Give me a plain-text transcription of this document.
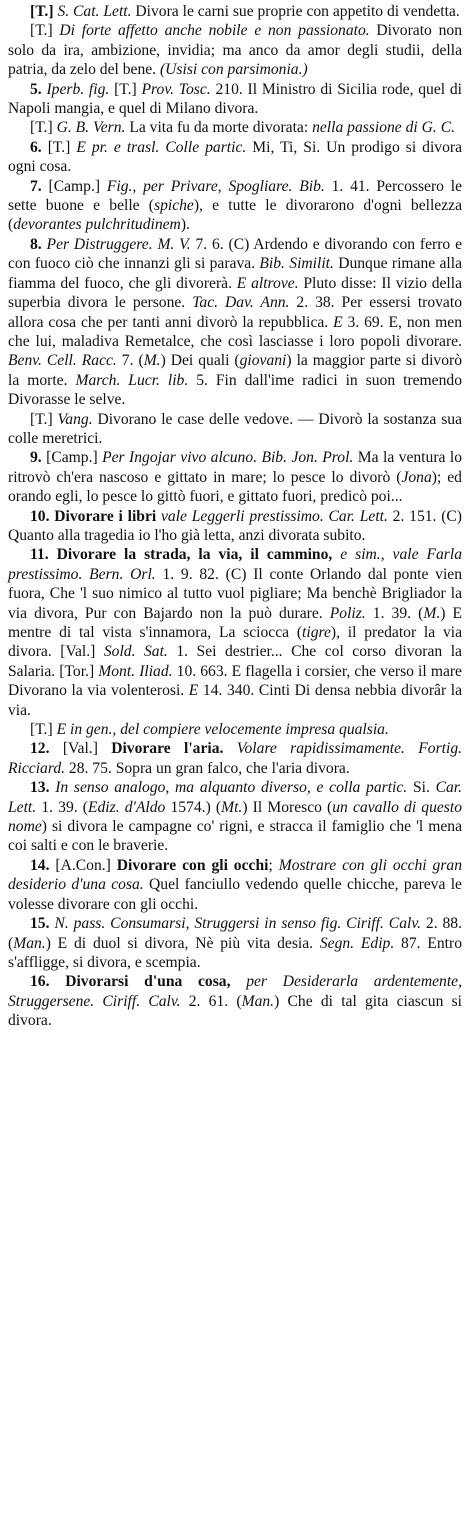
[T.] S. Cat. Lett. Divora le carni sue proprie con appetito di vendetta.

[T.] Di forte affetto anche nobile e non passionato. Divorato non solo da ira, ambizione, invidia; ma anco da amor degli studii, della patria, da zelo del bene. (Usisi con parsimonia.)

5. Iperb. fig. [T.] Prov. Tosc. 210. Il Ministro di Sicilia rode, quel di Napoli mangia, e quel di Milano divora.

[T.] G. B. Vern. La vita fu da morte divorata: nella passione di G. C.

6. [T.] E pr. e trasl. Colle partic. Mi, Ti, Si. Un prodigo si divora ogni cosa.

7. [Camp.] Fig., per Privare, Spogliare. Bib. 1. 41. Percossero le sette buone e belle (spiche), e tutte le divorarono d'ogni bellezza (devorantes pulchritudinem).

8. Per Distruggere. M. V. 7. 6. (C) Ardendo e divorando con ferro e con fuoco ciò che innanzi gli si parava. Bib. Similit. Dunque rimane alla fiamma del fuoco, che gli divorerà. E altrove. Pluto disse: Il vizio della superbia divora le persone. Tac. Dav. Ann. 2. 38. Per essersi trovato allora cosa che per tanti anni divorò la repubblica. E 3. 69. E, non men che lui, maladiva Remetalce, che così lasciasse i loro popoli divorare. Benv. Cell. Racc. 7. (M.) Dei quali (giovani) la maggior parte si divorò la morte. March. Lucr. lib. 5. Fin dall'ime radici in suon tremendo Divorasse le selve.

[T.] Vang. Divorano le case delle vedove. — Divorò la sostanza sua colle meretrici.

9. [Camp.] Per Ingojar vivo alcuno. Bib. Jon. Prol. Ma la ventura lo ritrovò ch'era nascoso e gittato in mare; lo pesce lo divorò (Jona); ed orando egli, lo pesce lo gittò fuori, e gittato fuori, predicò poi...

10. Divorare i libri vale Leggerli prestissimo. Car. Lett. 2. 151. (C) Quanto alla tragedia io l'ho già letta, anzi divorata subito.

11. Divorare la strada, la via, il cammino, e sim., vale Farla prestissimo. Bern. Orl. 1. 9. 82. (C) Il conte Orlando dal ponte vien fuora, Che 'l suo nimico al tutto vuol pigliare; Ma benchè Brigliador la via divora, Pur con Bajardo non la può durare. Poliz. 1. 39. (M.) E mentre di tal vista s'innamora, La sciocca (tigre), il predator la via divora. [Val.] Sold. Sat. 1. Sei destrier... Che col corso divoran la Salaria. [Tor.] Mont. Iliad. 10. 663. E flagella i corsier, che verso il mare Divorano la via volenterosi. E 14. 340. Cinti Di densa nebbia divorâr la via.

[T.] E in gen., del compiere velocemente impresa qualsia.

12. [Val.] Divorare l'aria. Volare rapidissimamente. Fortig. Ricciard. 28. 75. Sopra un gran falco, che l'aria divora.

13. In senso analogo, ma alquanto diverso, e colla partic. Si. Car. Lett. 1. 39. (Ediz. d'Aldo 1574.) (Mt.) Il Moresco (un cavallo di questo nome) si divora le campagne co' rigni, e stracca il famiglio che 'l mena coi salti e con le braverie.

14. [A.Con.] Divorare con gli occhi; Mostrare con gli occhi gran desiderio d'una cosa. Quel fanciullo vedendo quelle chicche, pareva le volesse divorare con gli occhi.

15. N. pass. Consumarsi, Struggersi in senso fig. Ciriff. Calv. 2. 88. (Man.) E di duol si divora, Nè più vita desia. Segn. Edip. 87. Entro s'affligge, si divora, e scempia.

16. Divorarsi d'una cosa, per Desiderarla ardentemente, Struggersene. Ciriff. Calv. 2. 61. (Man.) Che di tal gita ciascun si divora.
